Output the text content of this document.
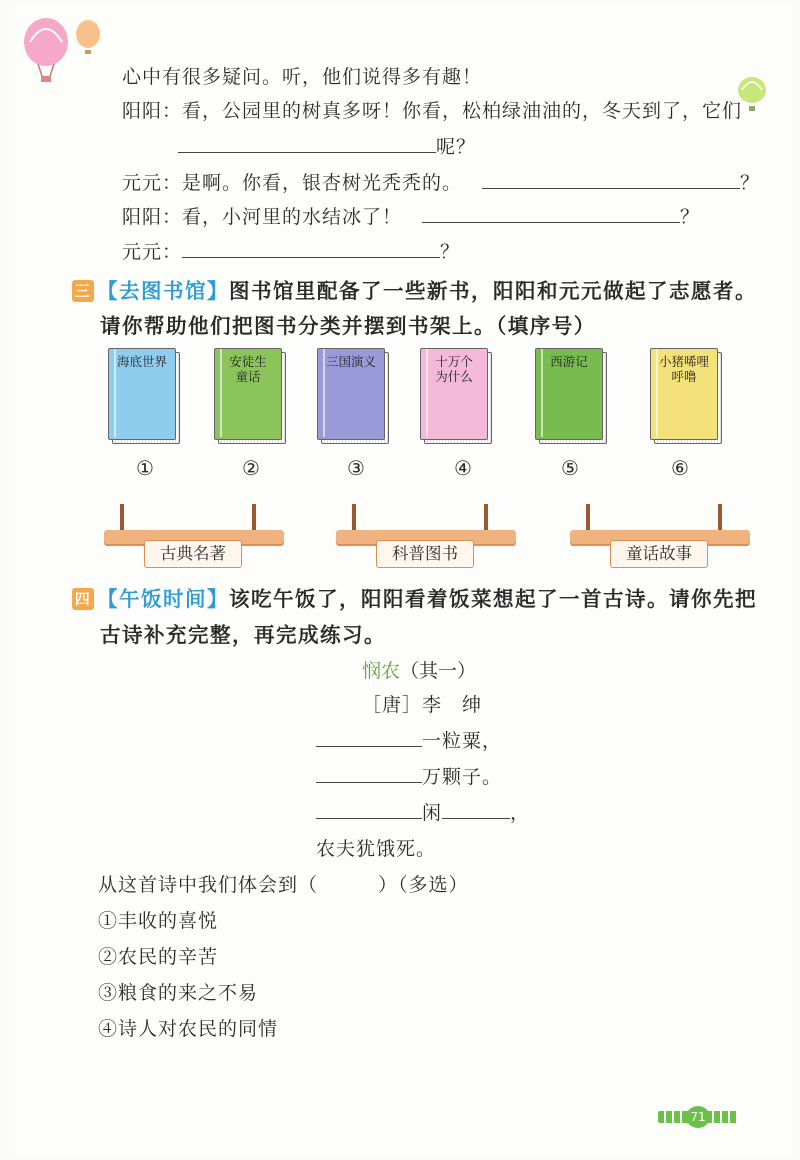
心中有很多疑问。听，他们说得多有趣！
阳阳：看，公园里的树真多呀！你看，松柏绿油油的，冬天到了，它们
呢？
元元：是啊。你看，银杏树光秃秃的。	？
阳阳：看，小河里的水结冰了！	？
元元：	？
三 【去图书馆】图书馆里配备了一些新书，阳阳和元元做起了志愿者。
请你帮助他们把图书分类并摆到书架上。（填序号）
海底世界	安徒生
童话
三国演义	十万个
为什么
西游记	小猪唏哩
呼噜
①	②	③	④	⑤	⑥
古典名著	科普图书	童话故事
四 【午饭时间】该吃午饭了，阳阳看着饭菜想起了一首古诗。请你先把
古诗补充完整，再完成练习。
悯农（其一）
［唐］李　绅
一粒粟，
万颗子。
闲	，
农夫犹饿死。
从这首诗中我们体会到（　　　）（多选）
①丰收的喜悦
②农民的辛苦
③粮食的来之不易
④诗人对农民的同情
71
